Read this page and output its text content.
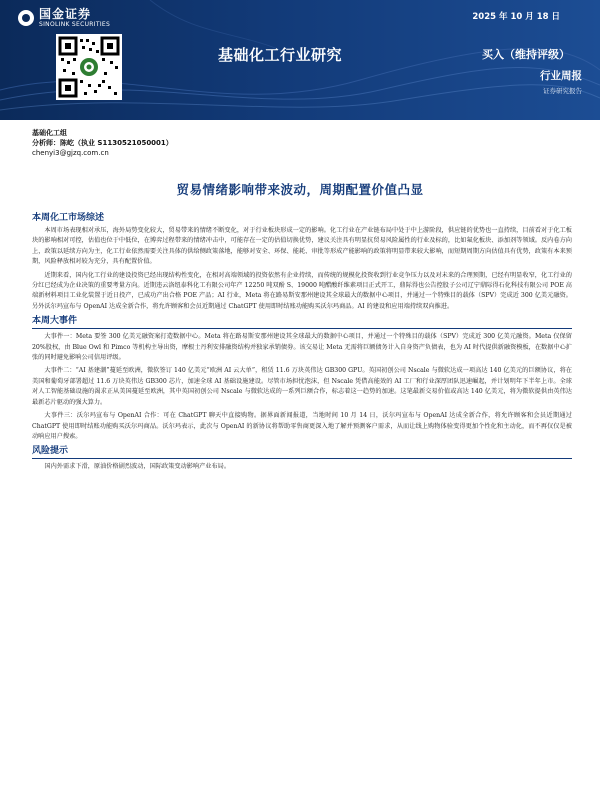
国金证券
SINOLINK SECURITIES
2025 年 10 月 18 日
基础化工行业研究	买入（维持评级）
行业周报
证券研究报告
基础化工组
分析师： 陈屹（执业 S1130521050001）
chenyi3@gjzq.com.cn
贸易情绪影响带来波动，周期配置价值凸显
本周化工市场综述

本周市场表现相对承压，海外局势变化较大，贸易带来的情绪不断变化，对于行业板块形成一定的影响。化工行业在产业链布局中处于中上游阶段，供应链的优势也一直持续，目前看对于化工板块的影响相对可控，估值也位于中低位，在博弈过程带来的情绪冲击中，可能存在一定的估值切换优势，建议关注具有明显抗贸易风险属性的行业及标的，比如氟化板块、添加剂等领域。反内卷方向上，政策以延续方向为主，化工行业依然需要关注具体的供给侧政策落地，能够对安全、环保、能耗、审批等形成产能影响的政策将明显带来较大影响，而短期周期方向估值具有优势，政策有本来预期，风险释放相对较为充分，具有配置价值。

近期来看，国内化工行业的建设投资已经出现结构性变化，在相对高端领域的投资依然有企业持续，而传统的规模化投资收到行业竞争压力以及对未来的合理预期，已经有明显收窄，化工行业的分红已经成为企业决策的重要考量方向。近期违云洛纽泰科化工有限公司年产 12250 吨双酚 S、19000 吨醋酸纤维素项目正式开工，鼎际得也公告控股子公司辽宁鼎际得石化科技有限公司 POE 高端新材料项目工业化装置于近日投产，已成功产出合格 POE 产品；AI 行业，Meta 将在路易斯安那州建设其全球最大的数据中心项目，并通过一个特殊目的载体（SPV）完成近 300 亿美元融资。另外沃尔玛宣布与 OpenAI 达成全新合作，将允许顾客和会员近期通过 ChatGPT 使用即时结账功能购买沃尔玛商品。AI 的建设和应用端持续双向推进。

本周大事件

大事件一：Meta 要签 300 亿美元融资案打造数据中心。Meta 将在路易斯安那州建设其全球最大的数据中心项目，并通过一个特殊目的载体（SPV）完成近 300 亿美元融资。Meta 仅保留 20%股权，由 Blue Owl 和 Pimco 等机构主导出资，摩根士丹利安排融资结构并独家承销债券。该交易让 Meta 无需将巨额债务计入自身资产负债表，也为 AI 时代提供新融资模板，在数据中心扩张的同时避免影响公司信用评级。

大事件二：“AI 基建潮”蔓延至欧洲，微软签订 140 亿美元“欧洲 AI 云大单”，租赁 11.6 万块英伟达 GB300 GPU。英国初创公司 Nscale 与微软达成一项高达 140 亿美元的巨额协议，将在美国和葡萄牙部署超过 11.6 万块英伟达 GB300 芯片，加速全球 AI 基础设施建设。尽管市场担忧泡沫，但 Nscale 凭借高能效的 AI 工厂和行业深厚团队迅速崛起，并计划明年下半年上市。全球对人工智能基础设施的渴求正从美国蔓延至欧洲，其中英国初创公司 Nscale 与微软达成的一系列巨额合作，标志着这一趋势的加速。这笔最新交易价值或高达 140 亿美元，将为微软提供由英伟达最新芯片驱动的强大算力。

大事件三：沃尔玛宣布与 OpenAI 合作：可在 ChatGPT 聊天中直接购物。据界面新闻报道，当地时间 10 月 14 日，沃尔玛宣布与 OpenAI 达成全新合作，将允许顾客和会员近期通过 ChatGPT 使用即时结账功能购买沃尔玛商品。沃尔玛表示，此次与 OpenAI 的新协议将帮助零售商更深入地了解并预测客户需求，从而让线上购物体验变得更加个性化和主动化，而不再仅仅是被动响应用户搜索。

风险提示

国内外需求下滑，原油价格剧烈波动，国际政策变动影响产业布局。
